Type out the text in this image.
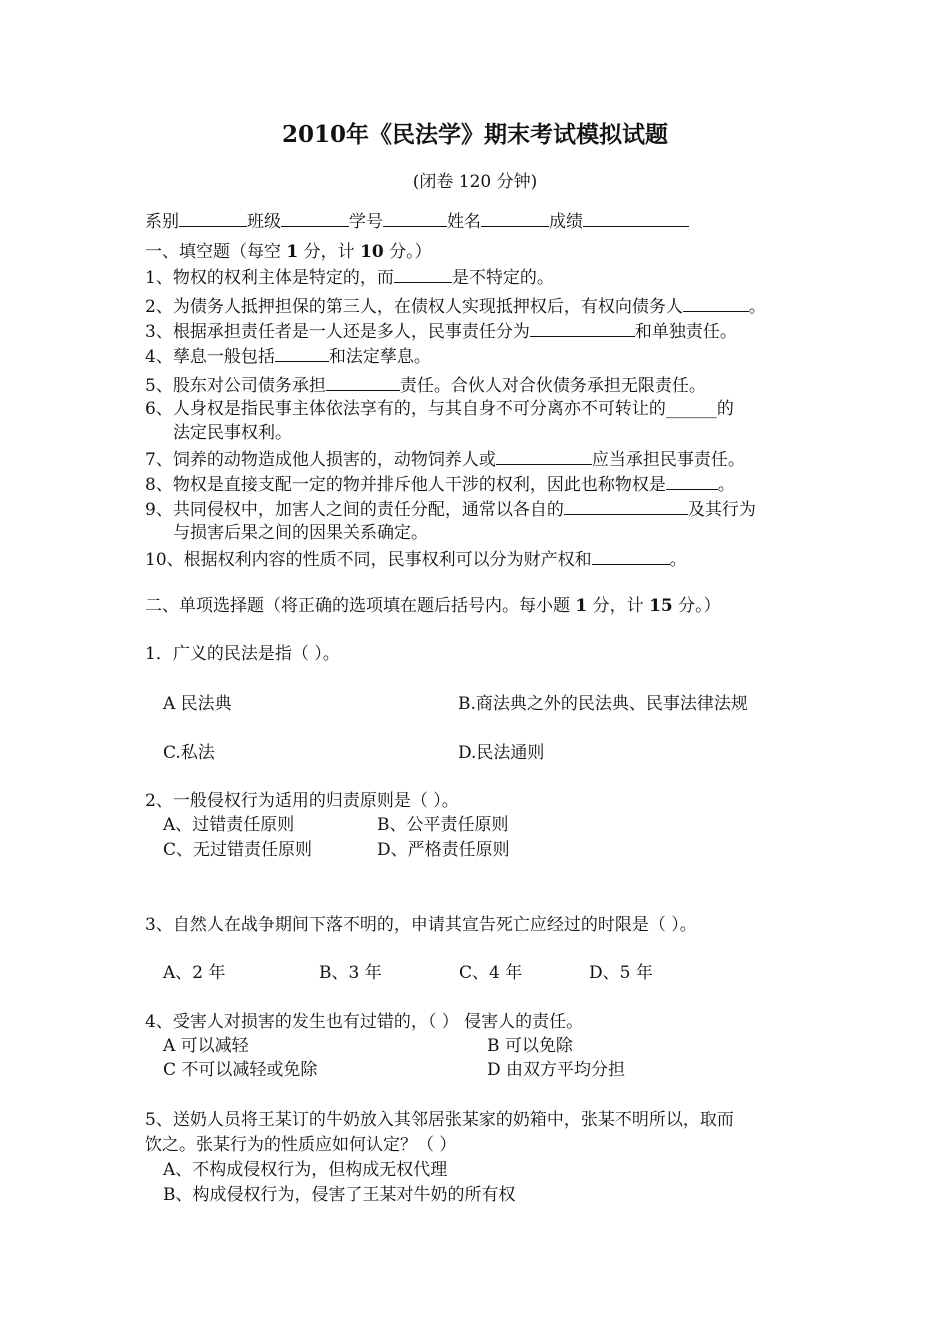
2010年《民法学》期末考试模拟试题
(闭卷 120 分钟)
系别	班级	学号	姓名	成绩
一、填空题（每空 1 分，计 10 分。）
1、物权的权利主体是特定的，而	是不特定的。
2、为债务人抵押担保的第三人，在债权人实现抵押权后，有权向债务人	。
3、根据承担责任者是一人还是多人，民事责任分为	和单独责任。
4、孳息一般包括	和法定孳息。
5、股东对公司债务承担	责任。合伙人对合伙债务承担无限责任。
6、人身权是指民事主体依法享有的，与其自身不可分离亦不可转让的______的
法定民事权利。
7、饲养的动物造成他人损害的，动物饲养人或	应当承担民事责任。
8、物权是直接支配一定的物并排斥他人干涉的权利，因此也称物权是	。
9、共同侵权中，加害人之间的责任分配，通常以各自的	及其行为
与损害后果之间的因果关系确定。
10、根据权利内容的性质不同，民事权利可以分为财产权和	。
二、单项选择题（将正确的选项填在题后括号内。每小题 1 分，计 15 分。）
1．广义的民法是指（ ）。
A 民法典	B.商法典之外的民法典、民事法律法规
C.私法	D.民法通则
2、一般侵权行为适用的归责原则是（ ）。
A、过错责任原则	B、公平责任原则
C、无过错责任原则	D、严格责任原则
3、自然人在战争期间下落不明的，申请其宣告死亡应经过的时限是（ ）。
A、2 年	B、3 年	C、4 年	D、5 年
4、受害人对损害的发生也有过错的，（ ） 侵害人的责任。
A 可以减轻	B 可以免除
C 不可以减轻或免除	D 由双方平均分担
5、送奶人员将王某订的牛奶放入其邻居张某家的奶箱中，张某不明所以，取而
饮之。张某行为的性质应如何认定？（ ）
A、不构成侵权行为，但构成无权代理
B、构成侵权行为，侵害了王某对牛奶的所有权
